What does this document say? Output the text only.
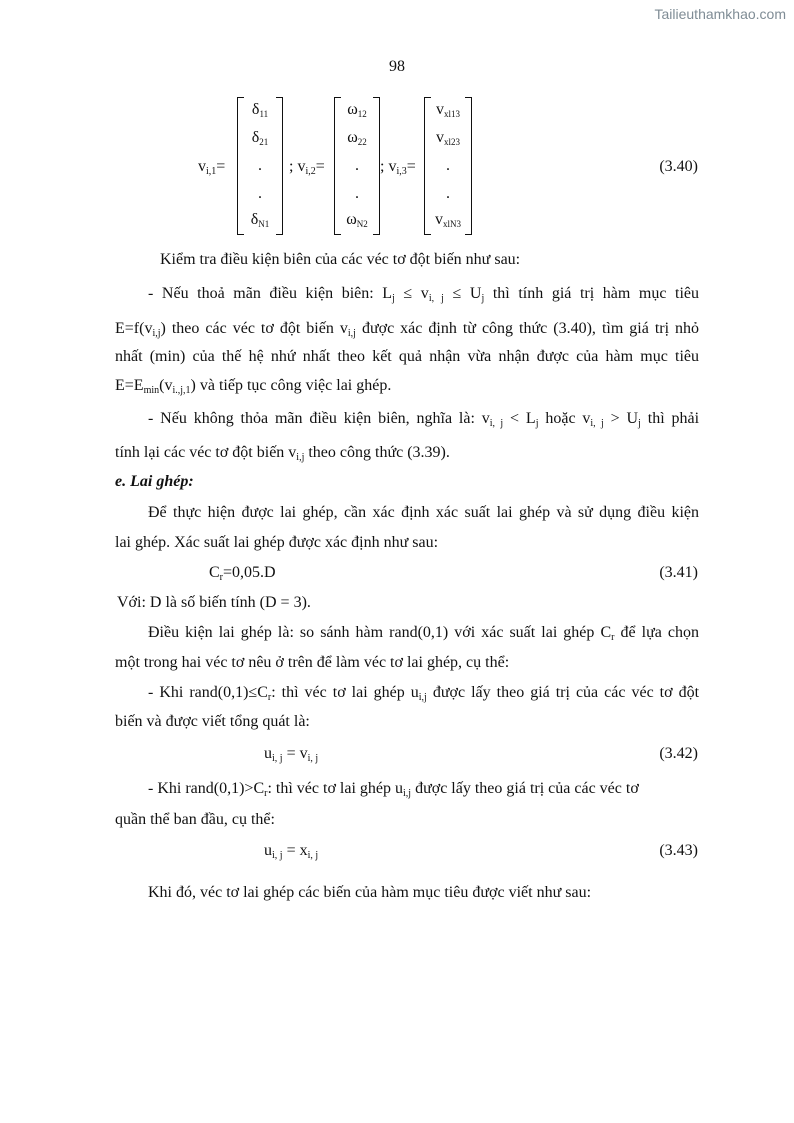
Tailieuthamkhao.com
98
$v_{i,1}=$
$\delta_{11}$
$\delta_{21}$
.
.
$\delta_{N1}$
; $v_{i,2}=$
$\omega_{12}$
$\omega_{22}$
.
.
$\omega_{N2}$
; $v_{i,3}=$
$v_{xl13}$
$v_{xl23}$
.
.
$v_{xlN3}$
(3.40)
Kiểm tra điều kiện biên của các véc tơ đột biến như sau:
- Nếu thoả mãn điều kiện biên: $L_j \le v_{i, j} \le U_j$ thì tính giá trị hàm mục tiêu
$E=f(v_{i,j})$ theo các véc tơ đột biến $v_{i,j}$ được xác định từ công thức (3.40), tìm giá trị nhỏ
nhất (min) của thế hệ nhứ nhất theo kết quả nhận vừa nhận được của hàm mục tiêu
$E=E_{min}(v_{i.,j,1})$ và tiếp tục công việc lai ghép.
- Nếu không thỏa mãn điều kiện biên, nghĩa là: $v_{i, j} < L_j$ hoặc $v_{i, j} > U_j$ thì phải
tính lại các véc tơ đột biến $v_{i,j}$ theo công thức (3.39).
e. Lai ghép:
Để thực hiện được lai ghép, cần xác định xác suất lai ghép và sử dụng điều kiện
lai ghép. Xác suất lai ghép được xác định như sau:
$C_r=0,05.D$	(3.41)
Với: D là số biến tính (D = 3).
Điều kiện lai ghép là: so sánh hàm rand(0,1) với xác suất lai ghép $C_r$ để lựa chọn
một trong hai véc tơ nêu ở trên để làm véc tơ lai ghép, cụ thể:
- Khi $rand(0,1)\le C_r$: thì véc tơ lai ghép $u_{i,j}$ được lấy theo giá trị của các véc tơ đột
biến và được viết tổng quát là:
$u_{i, j} = v_{i, j}$	(3.42)
- Khi $rand(0,1)>C_r$: thì véc tơ lai ghép $u_{i,j}$ được lấy theo giá trị của các véc tơ
quần thể ban đầu, cụ thể:
$u_{i, j} = x_{i, j}$	(3.43)
Khi đó, véc tơ lai ghép các biến của hàm mục tiêu được viết như sau:
